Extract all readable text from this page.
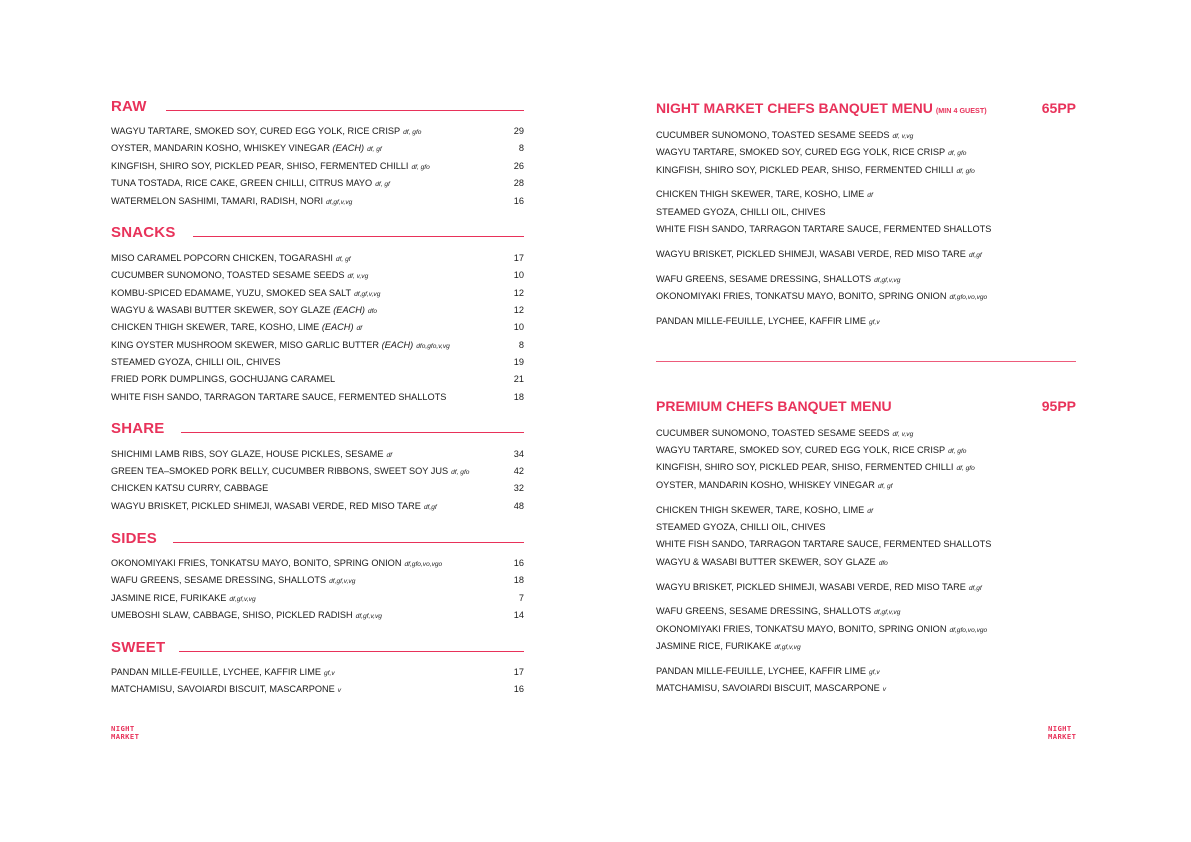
RAW
WAGYU TARTARE, SMOKED SOY, CURED EGG YOLK, RICE CRISP df, gfo	29
OYSTER, MANDARIN KOSHO, WHISKEY VINEGAR (EACH) df, gf	8
KINGFISH, SHIRO SOY, PICKLED PEAR, SHISO, FERMENTED CHILLI df, gfo	26
TUNA TOSTADA, RICE CAKE, GREEN CHILLI, CITRUS MAYO df, gf	28
WATERMELON SASHIMI, TAMARI, RADISH, NORI df,gf,v,vg	16
SNACKS
MISO CARAMEL POPCORN CHICKEN, TOGARASHI df, gf	17
CUCUMBER SUNOMONO, TOASTED SESAME SEEDS df, v,vg	10
KOMBU-SPICED EDAMAME, YUZU, SMOKED SEA SALT df,gf,v,vg	12
WAGYU & WASABI BUTTER SKEWER, SOY GLAZE (EACH) dfo	12
CHICKEN THIGH SKEWER, TARE, KOSHO, LIME (EACH) df	10
KING OYSTER MUSHROOM SKEWER, MISO GARLIC BUTTER (EACH) dfo,gfo,v,vg	8
STEAMED GYOZA, CHILLI OIL, CHIVES	19
FRIED PORK DUMPLINGS, GOCHUJANG CARAMEL	21
WHITE FISH SANDO, TARRAGON TARTARE SAUCE, FERMENTED SHALLOTS	18
SHARE
SHICHIMI LAMB RIBS, SOY GLAZE, HOUSE PICKLES, SESAME df	34
GREEN TEA–SMOKED PORK BELLY, CUCUMBER RIBBONS, SWEET SOY JUS df, gfo	42
CHICKEN KATSU CURRY, CABBAGE	32
WAGYU BRISKET, PICKLED SHIMEJI, WASABI VERDE, RED MISO TARE df,gf	48
SIDES
OKONOMIYAKI FRIES, TONKATSU MAYO, BONITO, SPRING ONION df,gfo,vo,vgo	16
WAFU GREENS, SESAME DRESSING, SHALLOTS df,gf,v,vg	18
JASMINE RICE, FURIKAKE df,gf,v,vg	7
UMEBOSHI SLAW, CABBAGE, SHISO, PICKLED RADISH df,gf,v,vg	14
SWEET
PANDAN MILLE-FEUILLE, LYCHEE, KAFFIR LIME gf,v	17
MATCHAMISU, SAVOIARDI BISCUIT, MASCARPONE v	16
NIGHT MARKET CHEFS BANQUET MENU (MIN 4 GUEST)	65PP
CUCUMBER SUNOMONO, TOASTED SESAME SEEDS df, v,vg
WAGYU TARTARE, SMOKED SOY, CURED EGG YOLK, RICE CRISP df, gfo
KINGFISH, SHIRO SOY, PICKLED PEAR, SHISO, FERMENTED CHILLI df, gfo
CHICKEN THIGH SKEWER, TARE, KOSHO, LIME df
STEAMED GYOZA, CHILLI OIL, CHIVES
WHITE FISH SANDO, TARRAGON TARTARE SAUCE, FERMENTED SHALLOTS
WAGYU BRISKET, PICKLED SHIMEJI, WASABI VERDE, RED MISO TARE df,gf
WAFU GREENS, SESAME DRESSING, SHALLOTS df,gf,v,vg
OKONOMIYAKI FRIES, TONKATSU MAYO, BONITO, SPRING ONION df,gfo,vo,vgo
PANDAN MILLE-FEUILLE, LYCHEE, KAFFIR LIME gf,v
PREMIUM CHEFS BANQUET MENU	95PP
CUCUMBER SUNOMONO, TOASTED SESAME SEEDS df, v,vg
WAGYU TARTARE, SMOKED SOY, CURED EGG YOLK, RICE CRISP df, gfo
KINGFISH, SHIRO SOY, PICKLED PEAR, SHISO, FERMENTED CHILLI df, gfo
OYSTER, MANDARIN KOSHO, WHISKEY VINEGAR df, gf
CHICKEN THIGH SKEWER, TARE, KOSHO, LIME df
STEAMED GYOZA, CHILLI OIL, CHIVES
WHITE FISH SANDO, TARRAGON TARTARE SAUCE, FERMENTED SHALLOTS
WAGYU & WASABI BUTTER SKEWER, SOY GLAZE dfo
WAGYU BRISKET, PICKLED SHIMEJI, WASABI VERDE, RED MISO TARE df,gf
WAFU GREENS, SESAME DRESSING, SHALLOTS df,gf,v,vg
OKONOMIYAKI FRIES, TONKATSU MAYO, BONITO, SPRING ONION df,gfo,vo,vgo
JASMINE RICE, FURIKAKE df,gf,v,vg
PANDAN MILLE-FEUILLE, LYCHEE, KAFFIR LIME gf,v
MATCHAMISU, SAVOIARDI BISCUIT, MASCARPONE v
NIGHT
MARKET
NIGHT
MARKET
